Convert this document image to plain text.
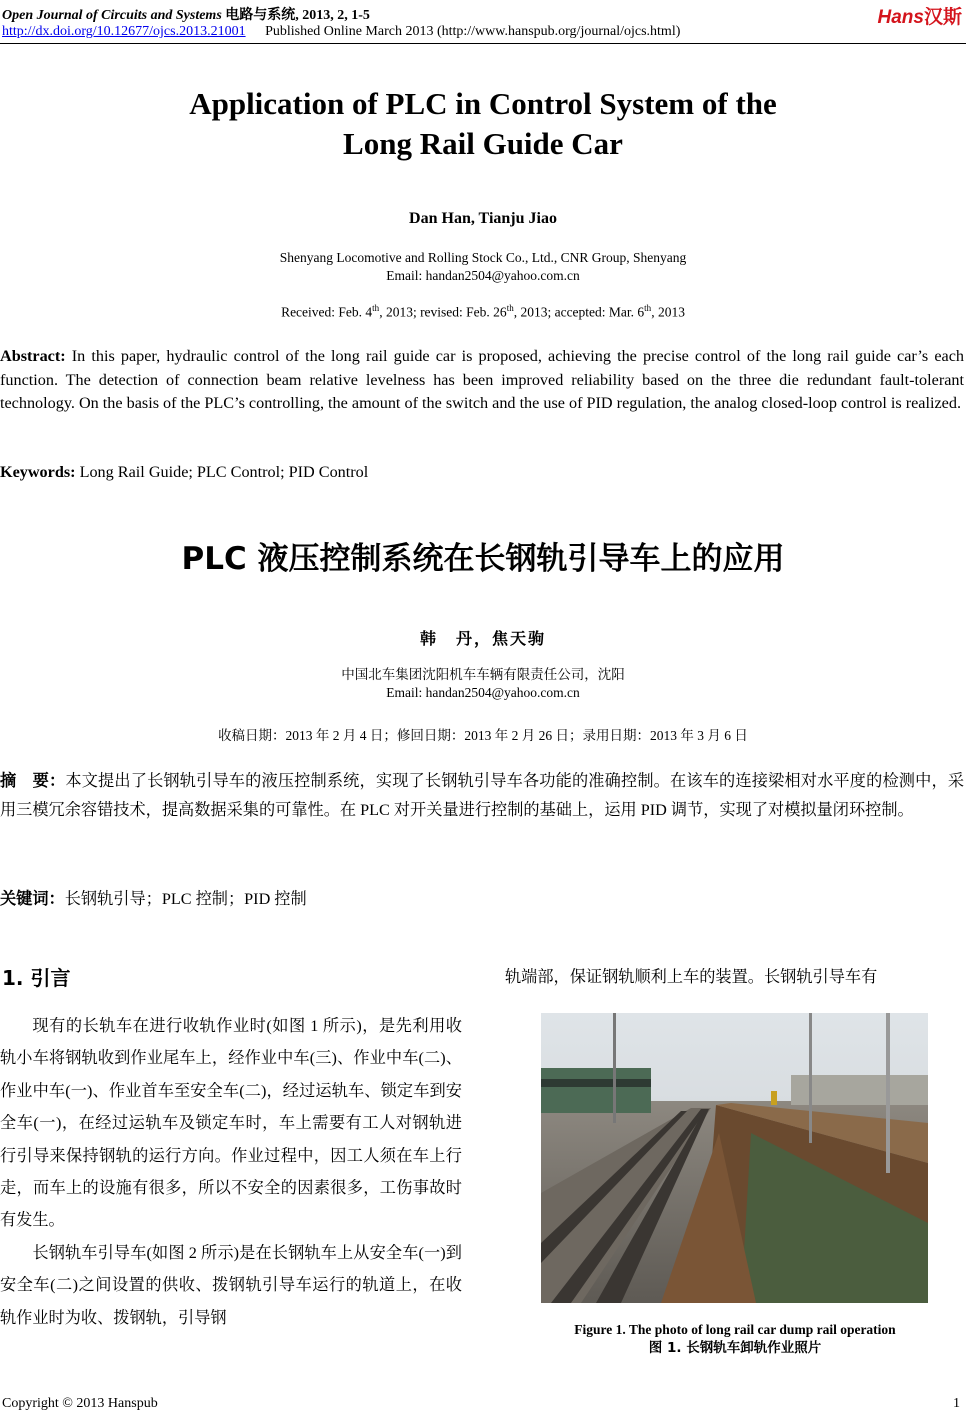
Open Journal of Circuits and Systems 电路与系统, 2013, 2, 1-5	Hans汉斯
http://dx.doi.org/10.12677/ojcs.2013.21001 Published Online March 2013 (http://www.hanspub.org/journal/ojcs.html)
Application of PLC in Control System of the
Long Rail Guide Car
Dan Han, Tianju Jiao
Shenyang Locomotive and Rolling Stock Co., Ltd., CNR Group, Shenyang
Email: handan2504@yahoo.com.cn
Received: Feb. 4th, 2013; revised: Feb. 26th, 2013; accepted: Mar. 6th, 2013
Abstract: In this paper, hydraulic control of the long rail guide car is proposed, achieving the precise control of the long rail guide car’s each function. The detection of connection beam relative levelness has been improved reliability based on the three die redundant fault-tolerant technology. On the basis of the PLC’s controlling, the amount of the switch and the use of PID regulation, the analog closed-loop control is realized.
Keywords: Long Rail Guide; PLC Control; PID Control
PLC 液压控制系统在长钢轨引导车上的应用
韩　丹，焦天驹
中国北车集团沈阳机车车辆有限责任公司，沈阳
Email: handan2504@yahoo.com.cn
收稿日期：2013 年 2 月 4 日；修回日期：2013 年 2 月 26 日；录用日期：2013 年 3 月 6 日
摘　要：本文提出了长钢轨引导车的液压控制系统，实现了长钢轨引导车各功能的准确控制。在该车的连接梁相对水平度的检测中，采用三模冗余容错技术，提高数据采集的可靠性。在 PLC 对开关量进行控制的基础上，运用 PID 调节，实现了对模拟量闭环控制。
关键词：长钢轨引导；PLC 控制；PID 控制
1. 引言

现有的长轨车在进行收轨作业时(如图 1 所示)，是先利用收轨小车将钢轨收到作业尾车上，经作业中车(三)、作业中车(二)、作业中车(一)、作业首车至安全车(二)，经过运轨车、锁定车到安全车(一)，在经过运轨车及锁定车时，车上需要有工人对钢轨进行引导来保持钢轨的运行方向。作业过程中，因工人须在车上行走，而车上的设施有很多，所以不安全的因素很多，工伤事故时有发生。

长钢轨车引导车(如图 2 所示)是在长钢轨车上从安全车(一)到安全车(二)之间设置的供收、拨钢轨引导车运行的轨道上，在收轨作业时为收、拨钢轨，引导钢

轨端部，保证钢轨顺利上车的装置。长钢轨引导车有
Figure 1. The photo of long rail car dump rail operation
图 1. 长钢轨车卸轨作业照片
Copyright © 2013 Hanspub	1
